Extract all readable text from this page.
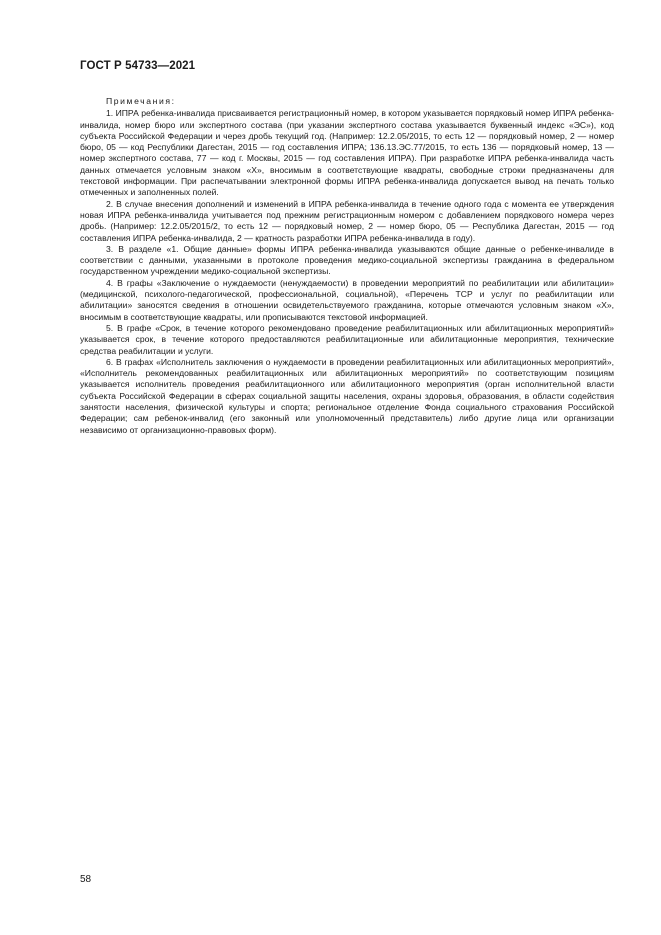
ГОСТ Р 54733—2021

Примечания:

1. ИПРА ребенка-инвалида присваивается регистрационный номер, в котором указывается порядковый номер ИПРА ребенка-инвалида, номер бюро или экспертного состава (при указании экспертного состава указывается буквенный индекс «ЭС»), код субъекта Российской Федерации и через дробь текущий год. (Например: 12.2.05/2015, то есть 12 — порядковый номер, 2 — номер бюро, 05 — код Республики Дагестан, 2015 — год составления ИПРА; 136.13.ЭС.77/2015, то есть 136 — порядковый номер, 13 — номер экспертного состава, 77 — код г. Москвы, 2015 — год составления ИПРА). При разработке ИПРА ребенка-инвалида часть данных отмечается условным знаком «Х», вносимым в соответствующие квадраты, свободные строки предназначены для текстовой информации. При распечатывании электронной формы ИПРА ребенка-инвалида допускается вывод на печать только отмеченных и заполненных полей.

2. В случае внесения дополнений и изменений в ИПРА ребенка-инвалида в течение одного года с момента ее утверждения новая ИПРА ребенка-инвалида учитывается под прежним регистрационным номером с добавлением порядкового номера через дробь. (Например: 12.2.05/2015/2, то есть 12 — порядковый номер, 2 — номер бюро, 05 — Республика Дагестан, 2015 — год составления ИПРА ребенка-инвалида, 2 — кратность разработки ИПРА ребенка-инвалида в году).

3. В разделе «1. Общие данные» формы ИПРА ребенка-инвалида указываются общие данные о ребенке-инвалиде в соответствии с данными, указанными в протоколе проведения медико-социальной экспертизы гражданина в федеральном государственном учреждении медико-социальной экспертизы.

4. В графы «Заключение о нуждаемости (ненуждаемости) в проведении мероприятий по реабилитации или абилитации» (медицинской, психолого-педагогической, профессиональной, социальной), «Перечень ТСР и услуг по реабилитации или абилитации» заносятся сведения в отношении освидетельствуемого гражданина, которые отмечаются условным знаком «Х», вносимым в соответствующие квадраты, или прописываются текстовой информацией.

5. В графе «Срок, в течение которого рекомендовано проведение реабилитационных или абилитационных мероприятий» указывается срок, в течение которого предоставляются реабилитационные или абилитационные мероприятия, технические средства реабилитации и услуги.

6. В графах «Исполнитель заключения о нуждаемости в проведении реабилитационных или абилитационных мероприятий», «Исполнитель рекомендованных реабилитационных или абилитационных мероприятий» по соответствующим позициям указывается исполнитель проведения реабилитационного или абилитационного мероприятия (орган исполнительной власти субъекта Российской Федерации в сферах социальной защиты населения, охраны здоровья, образования, в области содействия занятости населения, физической культуры и спорта; региональное отделение Фонда социального страхования Российской Федерации; сам ребенок-инвалид (его законный или уполномоченный представитель) либо другие лица или организации независимо от организационно-правовых форм).

58
